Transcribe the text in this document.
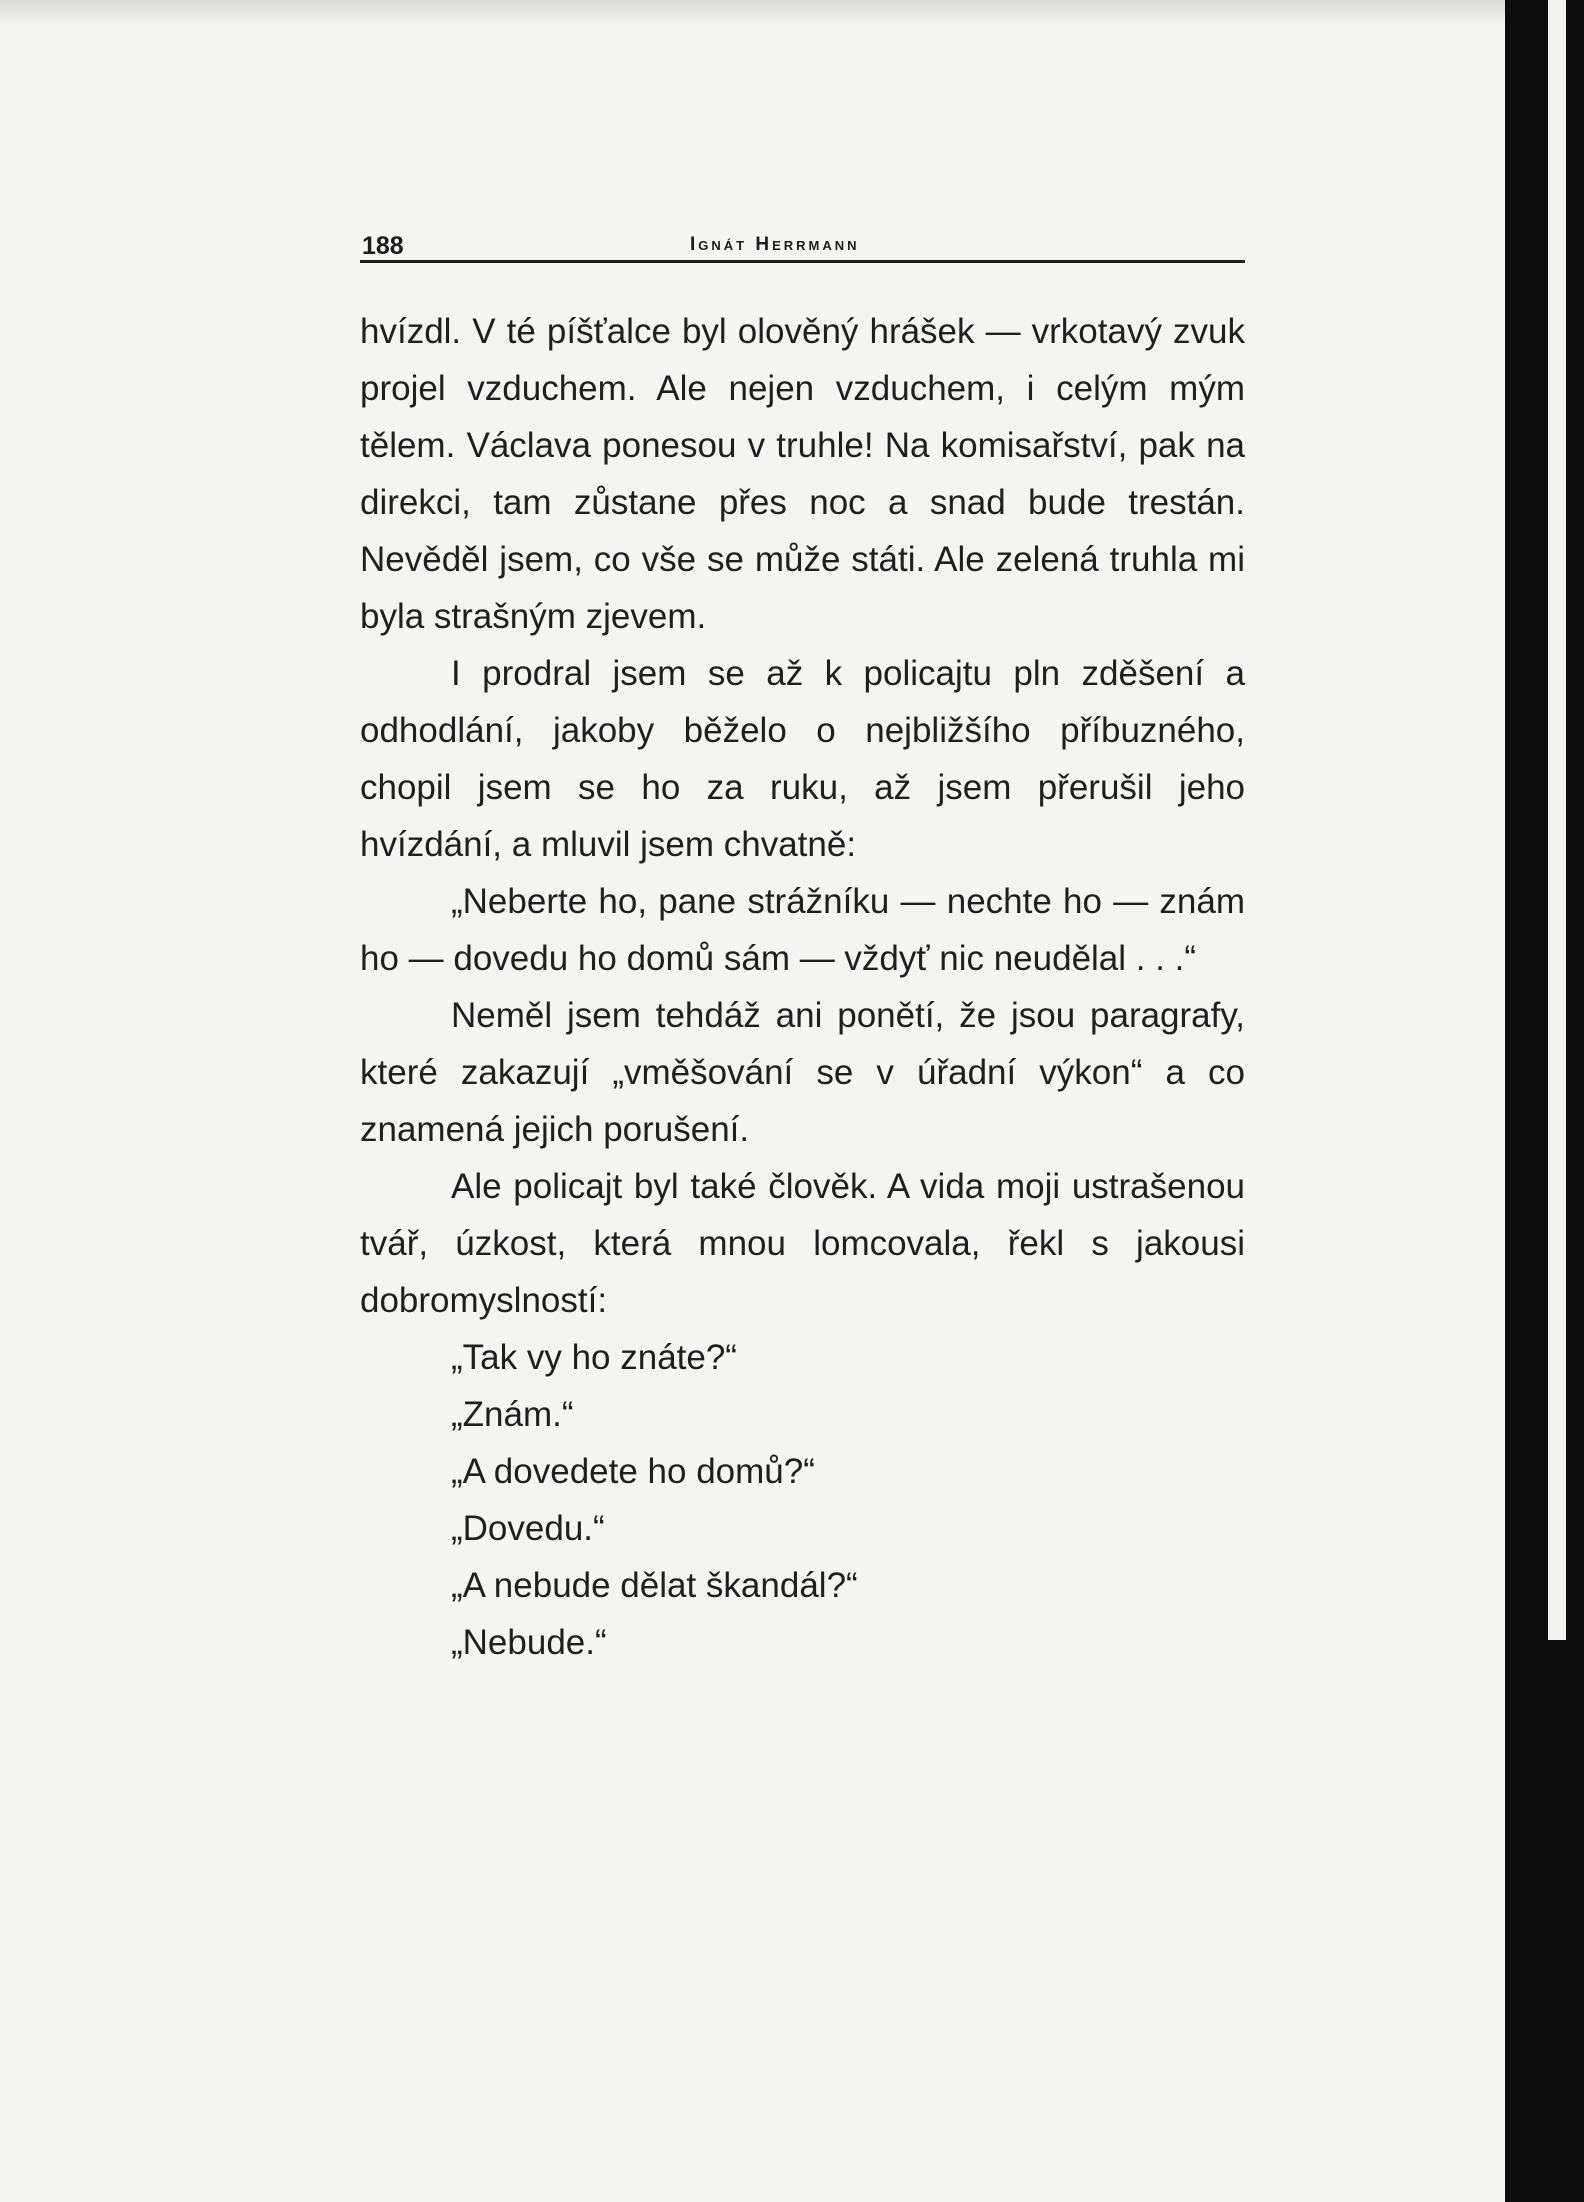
188	Ignát Herrmann

hvízdl. V té píšťalce byl olověný hrášek — vrkotavý zvuk projel vzduchem. Ale nejen vzduchem, i celým mým tělem. Václava ponesou v truhle! Na komisařství, pak na direkci, tam zůstane přes noc a snad bude trestán. Nevěděl jsem, co vše se může státi. Ale zelená truhla mi byla strašným zjevem.

I prodral jsem se až k policajtu pln zděšení a odhodlání, jakoby běželo o nejbližšího příbuzného, chopil jsem se ho za ruku, až jsem přerušil jeho hvízdání, a mluvil jsem chvatně:

„Neberte ho, pane strážníku — nechte ho — znám ho — dovedu ho domů sám — vždyť nic neudělal . . .“

Neměl jsem tehdáž ani ponětí, že jsou paragrafy, které zakazují „vměšování se v úřadní výkon“ a co znamená jejich porušení.

Ale policajt byl také člověk. A vida moji ustrašenou tvář, úzkost, která mnou lomcovala, řekl s jakousi dobromyslností:

„Tak vy ho znáte?“

„Znám.“

„A dovedete ho domů?“

„Dovedu.“

„A nebude dělat škandál?“

„Nebude.“
